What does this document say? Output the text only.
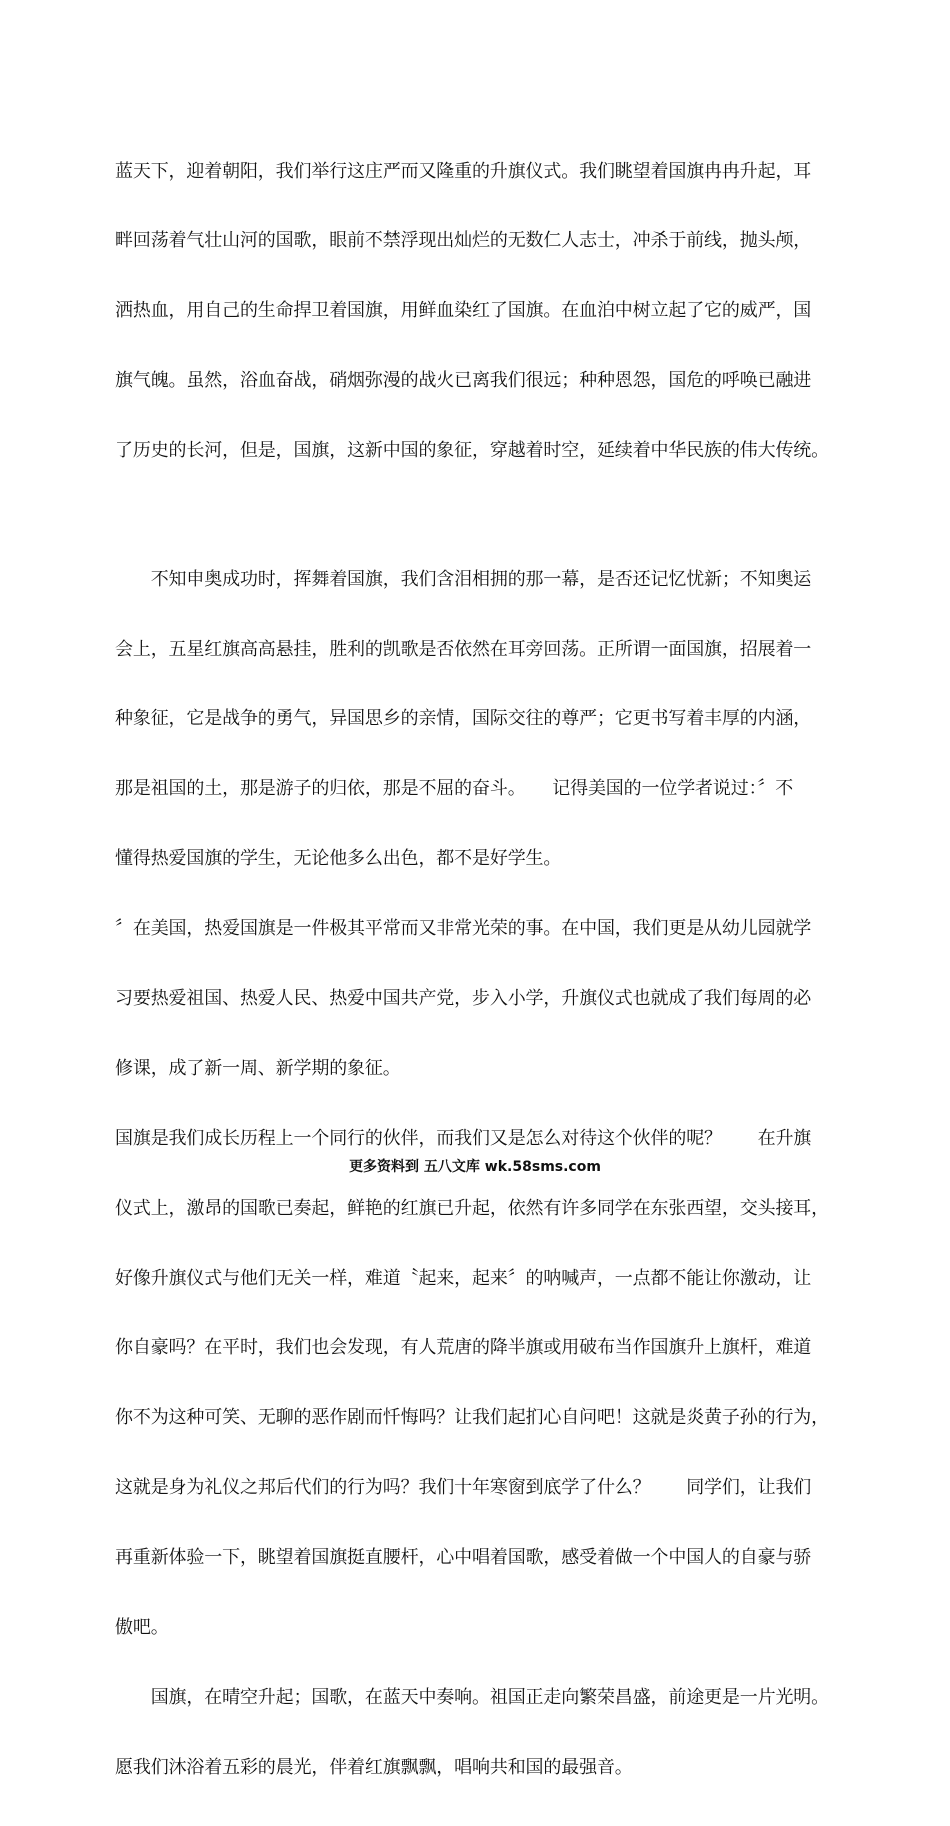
蓝天下，迎着朝阳，我们举行这庄严而又隆重的升旗仪式。我们眺望着国旗冉冉升起，耳

畔回荡着气壮山河的国歌，眼前不禁浮现出灿烂的无数仁人志士，冲杀于前线，抛头颅，

洒热血，用自己的生命捍卫着国旗，用鲜血染红了国旗。在血泊中树立起了它的威严，国

旗气魄。虽然，浴血奋战，硝烟弥漫的战火已离我们很远；种种恩怨，国危的呼唤已融进

了历史的长河，但是，国旗，这新中国的象征，穿越着时空，延续着中华民族的伟大传统。

　　不知申奥成功时，挥舞着国旗，我们含泪相拥的那一幕，是否还记忆忧新；不知奥运

会上，五星红旗高高悬挂，胜利的凯歌是否依然在耳旁回荡。正所谓一面国旗，招展着一

种象征，它是战争的勇气，异国思乡的亲情，国际交往的尊严；它更书写着丰厚的内涵，

那是祖国的土，那是游子的归依，那是不屈的奋斗。　　记得美国的一位学者说过：〞不

懂得热爱国旗的学生，无论他多么出色，都不是好学生。

〞在美国，热爱国旗是一件极其平常而又非常光荣的事。在中国，我们更是从幼儿园就学

习要热爱祖国、热爱人民、热爱中国共产党，步入小学，升旗仪式也就成了我们每周的必

修课，成了新一周、新学期的象征。

国旗是我们成长历程上一个同行的伙伴，而我们又是怎么对待这个伙伴的呢？　　在升旗

仪式上，激昂的国歌已奏起，鲜艳的红旗已升起，依然有许多同学在东张西望，交头接耳，

好像升旗仪式与他们无关一样，难道〝起来，起来〞的呐喊声，一点都不能让你激动，让

你自豪吗？在平时，我们也会发现，有人荒唐的降半旗或用破布当作国旗升上旗杆，难道

你不为这种可笑、无聊的恶作剧而忏悔吗？让我们起扪心自问吧！这就是炎黄子孙的行为，

这就是身为礼仪之邦后代们的行为吗？我们十年寒窗到底学了什么？　　同学们，让我们

再重新体验一下，眺望着国旗挺直腰杆，心中唱着国歌，感受着做一个中国人的自豪与骄

傲吧。

　　国旗，在晴空升起；国歌，在蓝天中奏响。祖国正走向繁荣昌盛，前途更是一片光明。

愿我们沐浴着五彩的晨光，伴着红旗飘飘，唱响共和国的最强音。

更多资料到 五八文库 wk.58sms.com
